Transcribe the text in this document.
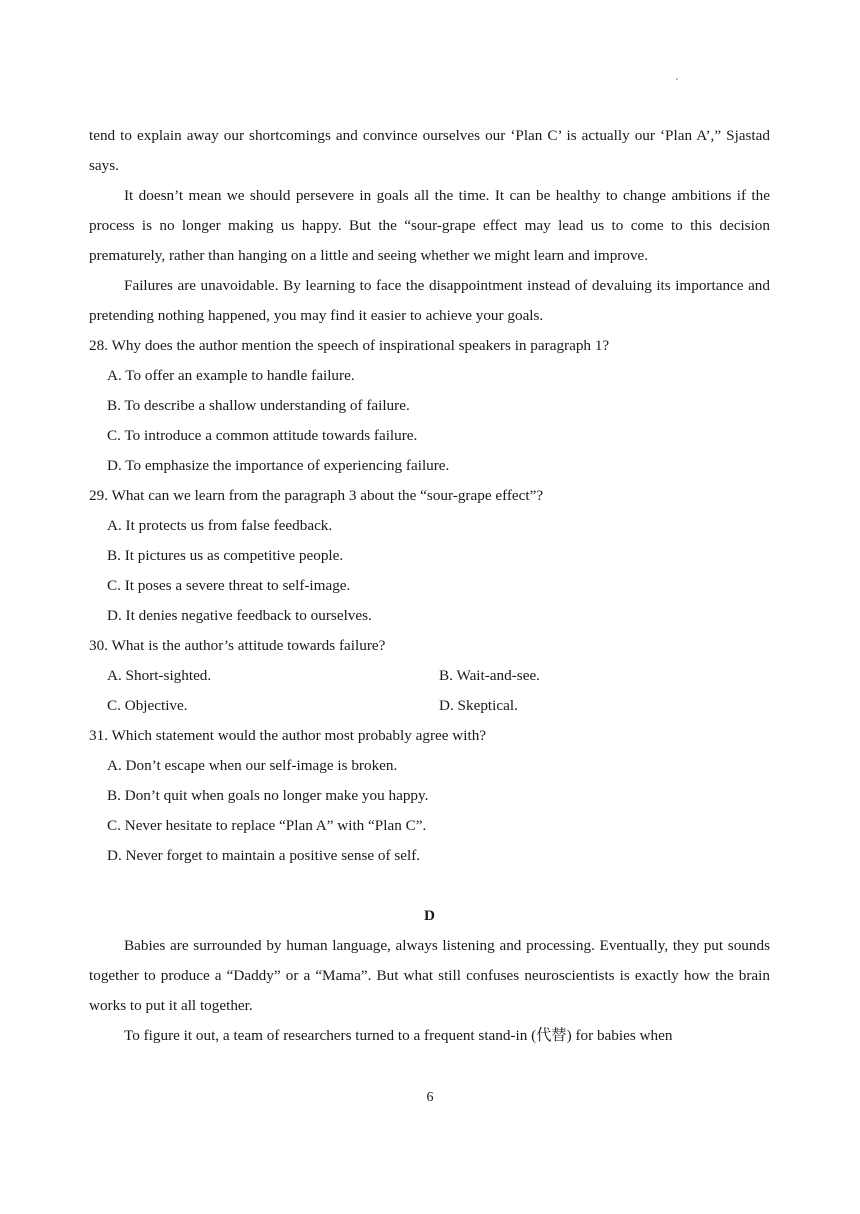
tend to explain away our shortcomings and convince ourselves our ‘Plan C’ is actually our ‘Plan A’,” Sjastad says.

It doesn’t mean we should persevere in goals all the time. It can be healthy to change ambitions if the process is no longer making us happy. But the “sour-grape effect may lead us to come to this decision prematurely, rather than hanging on a little and seeing whether we might learn and improve.

Failures are unavoidable. By learning to face the disappointment instead of devaluing its importance and pretending nothing happened, you may find it easier to achieve your goals.

28. Why does the author mention the speech of inspirational speakers in paragraph 1?

A. To offer an example to handle failure.

B. To describe a shallow understanding of failure.

C. To introduce a common attitude towards failure.

D. To emphasize the importance of experiencing failure.

29. What can we learn from the paragraph 3 about the “sour-grape effect”?

A. It protects us from false feedback.

B. It pictures us as competitive people.

C. It poses a severe threat to self-image.

D. It denies negative feedback to ourselves.

30. What is the author’s attitude towards failure?

A. Short-sighted.	B. Wait-and-see.
C. Objective.	D. Skeptical.

31. Which statement would the author most probably agree with?

A. Don’t escape when our self-image is broken.

B. Don’t quit when goals no longer make you happy.

C. Never hesitate to replace “Plan A” with “Plan C”.

D. Never forget to maintain a positive sense of self.

D

Babies are surrounded by human language, always listening and processing. Eventually, they put sounds together to produce a “Daddy” or a “Mama”. But what still confuses neuroscientists is exactly how the brain works to put it all together.

To figure it out, a team of researchers turned to a frequent stand-in (代替) for babies when

6
